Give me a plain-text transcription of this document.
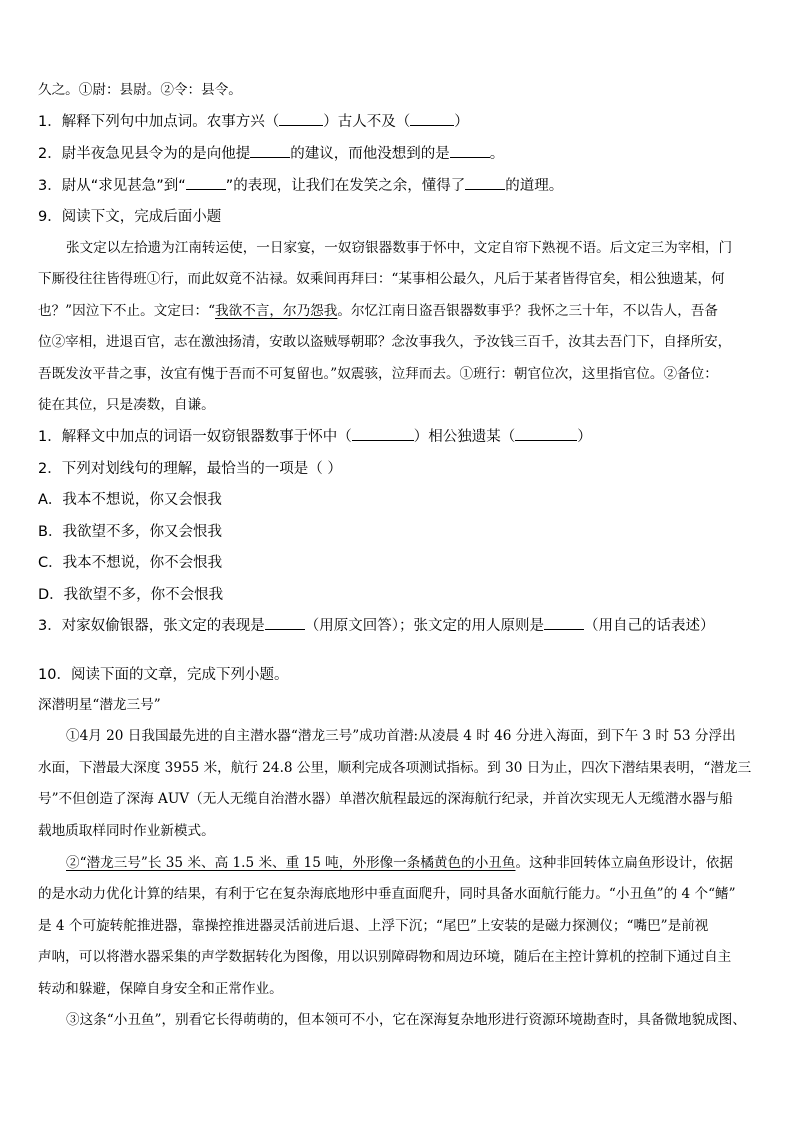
久之。①尉：县尉。②令：县令。
1．解释下列句中加点词。农事方兴（	）古人不及（	）
2．尉半夜急见县令为的是向他提	的建议，而他没想到的是	。
3．尉从“求见甚急”到“	”的表现，让我们在发笑之余，懂得了	的道理。
9．阅读下文，完成后面小题
张文定以左拾遗为江南转运使，一日家宴，一奴窃银器数事于怀中，文定自帘下熟视不语。后文定三为宰相，门
下厮役往往皆得班①行，而此奴竟不沾禄。奴乘间再拜曰：“某事相公最久，凡后于某者皆得官矣，相公独遗某，何
也？”因泣下不止。文定曰：“我欲不言，尔乃怨我。尔忆江南日盗吾银器数事乎？我怀之三十年，不以告人，吾备
位②宰相，进退百官，志在激浊扬清，安敢以盗贼辱朝耶？念汝事我久，予汝钱三百千，汝其去吾门下，自择所安，
吾既发汝平昔之事，汝宜有愧于吾而不可复留也。”奴震骇，泣拜而去。①班行：朝官位次，这里指官位。②备位：
徒在其位，只是凑数，自谦。
1．解释文中加点的词语一奴窃银器数事于怀中（	）相公独遗某（	）
2．下列对划线句的理解，最恰当的一项是（ ）
A．我本不想说，你又会恨我
B．我欲望不多，你又会恨我
C．我本不想说，你不会恨我
D．我欲望不多，你不会恨我
3．对家奴偷银器，张文定的表现是	（用原文回答）；张文定的用人原则是	（用自己的话表述）
10．阅读下面的文章，完成下列小题。
深潜明星“潜龙三号”
①4月 20 日我国最先进的自主潜水器“潜龙三号”成功首潜:从凌晨 4 时 46 分进入海面，到下午 3 时 53 分浮出
水面，下潜最大深度 3955 米，航行 24.8 公里，顺利完成各项测试指标。到 30 日为止，四次下潜结果表明，“潜龙三
号”不但创造了深海 AUV（无人无缆自治潜水器）单潜次航程最远的深海航行纪录，并首次实现无人无缆潜水器与船
载地质取样同时作业新模式。
②“潜龙三号”长 35 米、高 1.5 米、重 15 吨，外形像一条橘黄色的小丑鱼。这种非回转体立扁鱼形设计，依据
的是水动力优化计算的结果，有利于它在复杂海底地形中垂直面爬升，同时具备水面航行能力。“小丑鱼”的 4 个“鳍”
是 4 个可旋转舵推进器，靠操控推进器灵活前进后退、上浮下沉；“尾巴”上安装的是磁力探测仪；“嘴巴”是前视
声呐，可以将潜水器采集的声学数据转化为图像，用以识别障碍物和周边环境，随后在主控计算机的控制下通过自主
转动和躲避，保障自身安全和正常作业。
③这条“小丑鱼”，别看它长得萌萌的，但本领可不小，它在深海复杂地形进行资源环境勘查时，具备微地貌成图、
